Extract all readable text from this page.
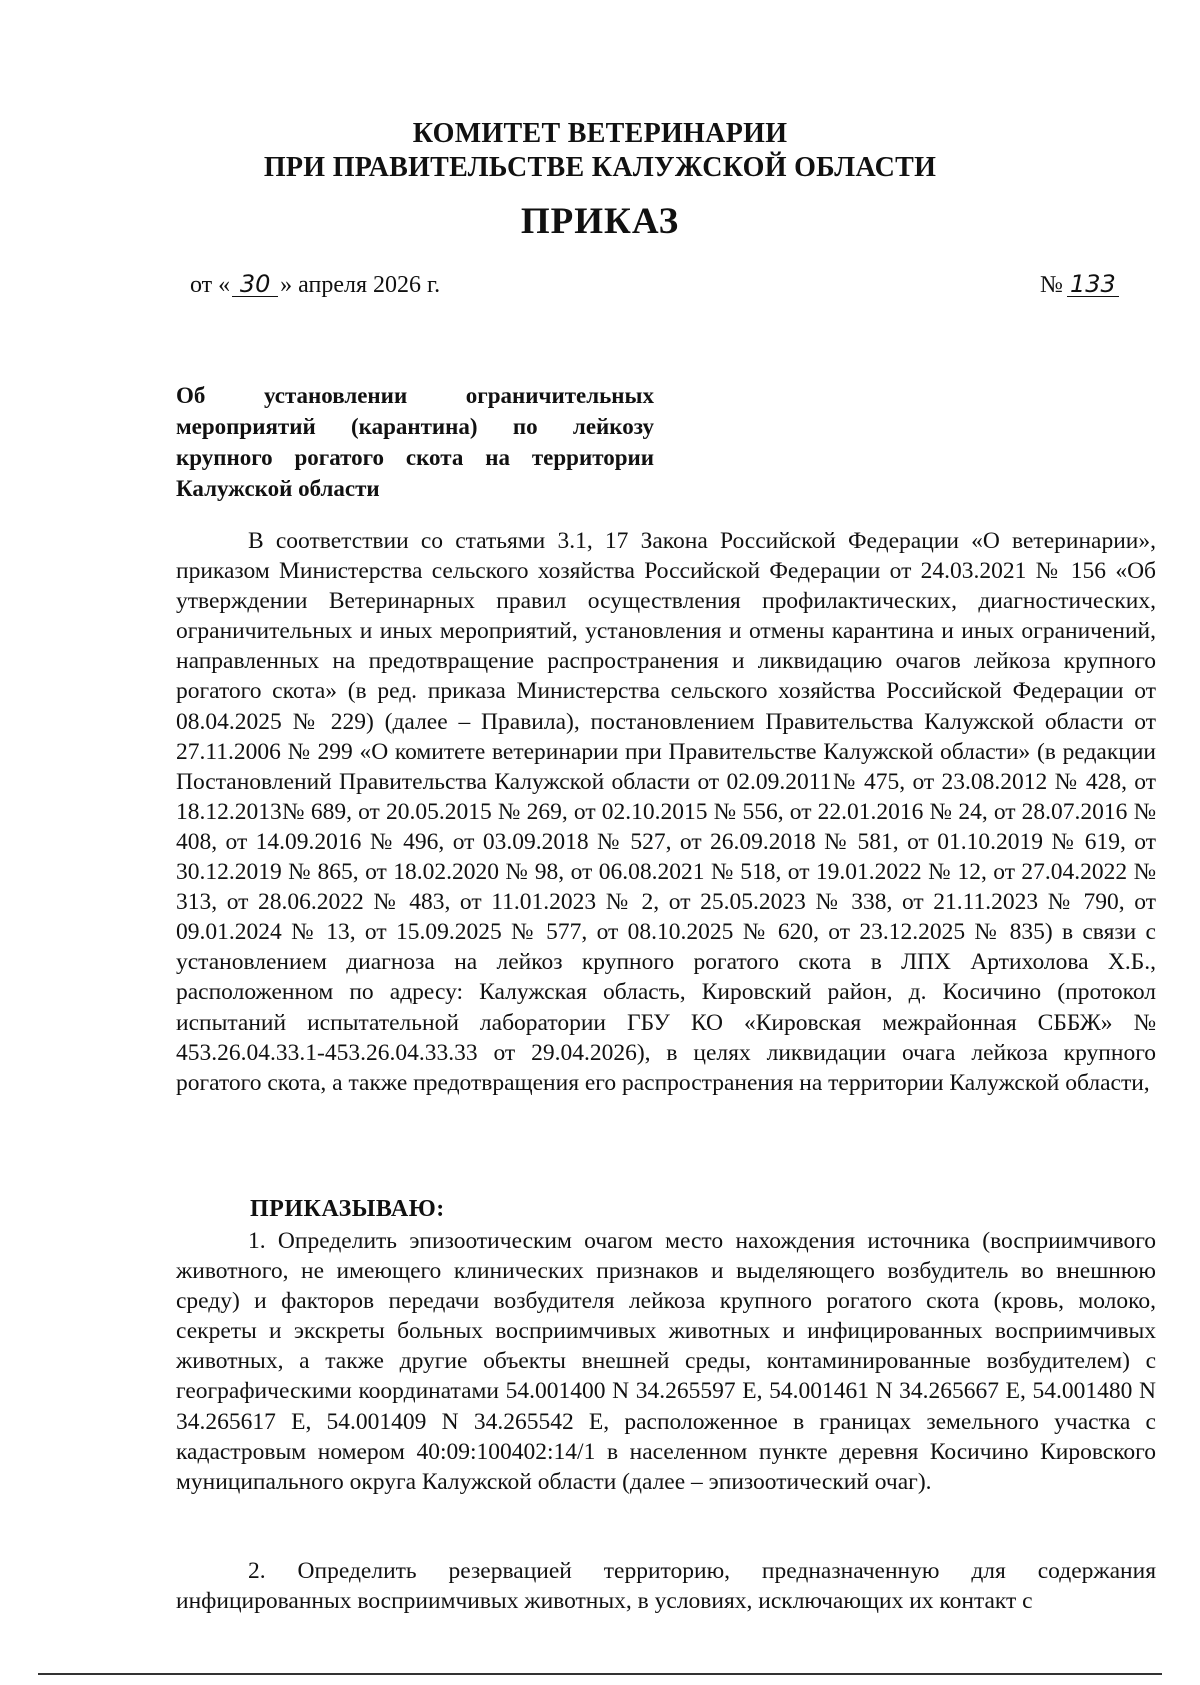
КОМИТЕТ ВЕТЕРИНАРИИ
ПРИ ПРАВИТЕЛЬСТВЕ КАЛУЖСКОЙ ОБЛАСТИ
ПРИКАЗ
от « 30 » апреля 2026 г.	№ 133
Об установлении ограничительных мероприятий (карантина) по лейкозу крупного рогатого скота на территории Калужской области
В соответствии со статьями 3.1, 17 Закона Российской Федерации «О ветеринарии», приказом Министерства сельского хозяйства Российской Федерации от 24.03.2021 № 156 «Об утверждении Ветеринарных правил осуществления профилактических, диагностических, ограничительных и иных мероприятий, установления и отмены карантина и иных ограничений, направленных на предотвращение распространения и ликвидацию очагов лейкоза крупного рогатого скота» (в ред. приказа Министерства сельского хозяйства Российской Федерации от 08.04.2025 № 229) (далее – Правила), постановлением Правительства Калужской области от 27.11.2006 № 299 «О комитете ветеринарии при Правительстве Калужской области» (в редакции Постановлений Правительства Калужской области от 02.09.2011№ 475, от 23.08.2012 № 428, от 18.12.2013№ 689, от 20.05.2015 № 269, от 02.10.2015 № 556, от 22.01.2016 № 24, от 28.07.2016 № 408, от 14.09.2016 № 496, от 03.09.2018 № 527, от 26.09.2018 № 581, от 01.10.2019 № 619, от 30.12.2019 № 865, от 18.02.2020 № 98, от 06.08.2021 № 518, от 19.01.2022 № 12, от 27.04.2022 № 313, от 28.06.2022 № 483, от 11.01.2023 № 2, от 25.05.2023 № 338, от 21.11.2023 № 790, от 09.01.2024 № 13, от 15.09.2025 № 577, от 08.10.2025 № 620, от 23.12.2025 № 835) в связи с установлением диагноза на лейкоз крупного рогатого скота в ЛПХ Артихолова Х.Б., расположенном по адресу: Калужская область, Кировский район, д. Косичино (протокол испытаний испытательной лаборатории ГБУ КО «Кировская межрайонная СББЖ» № 453.26.04.33.1-453.26.04.33.33 от 29.04.2026), в целях ликвидации очага лейкоза крупного рогатого скота, а также предотвращения его распространения на территории Калужской области,
ПРИКАЗЫВАЮ:
1. Определить эпизоотическим очагом место нахождения источника (восприимчивого животного, не имеющего клинических признаков и выделяющего возбудитель во внешнюю среду) и факторов передачи возбудителя лейкоза крупного рогатого скота (кровь, молоко, секреты и экскреты больных восприимчивых животных и инфицированных восприимчивых животных, а также другие объекты внешней среды, контаминированные возбудителем) с географическими координатами 54.001400 N 34.265597 E, 54.001461 N 34.265667 E, 54.001480 N 34.265617 E, 54.001409 N 34.265542 E, расположенное в границах земельного участка с кадастровым номером 40:09:100402:14/1 в населенном пункте деревня Косичино Кировского муниципального округа Калужской области (далее – эпизоотический очаг).
2. Определить резервацией территорию, предназначенную для содержания инфицированных восприимчивых животных, в условиях, исключающих их контакт с
